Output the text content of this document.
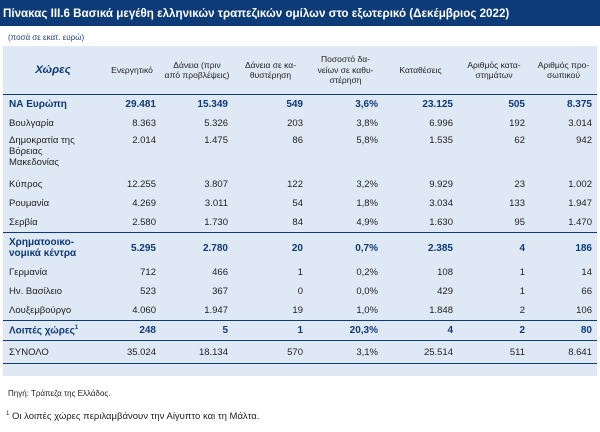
Πίνακας ΙΙΙ.6 Βασικά μεγέθη ελληνικών τραπεζικών ομίλων στο εξωτερικό (Δεκέμβριος 2022)
(ποσά σε εκατ. ευρώ)
Χώρες	Ενεργητικό	Δάνεια (πριν
από προβλέψεις)	Δάνεια σε κα-
θυστέρηση	Ποσοστό δα-
νείων σε καθυ-
στέρηση	Καταθέσεις	Αριθμός κατα-
στημάτων	Αριθμός προ-
σωπικού
ΝΑ Ευρώπη	29.481	15.349	549	3,6%	23.125	505	8.375
Βουλγαρία	8.363	5.326	203	3,8%	6.996	192	3.014
Δημοκρατία της
Βόρειας
Μακεδονίας	2.014	1.475	86	5,8%	1.535	62	942
Κύπρος	12.255	3.807	122	3,2%	9.929	23	1.002
Ρουμανία	4.269	3.011	54	1,8%	3.034	133	1.947
Σερβία	2.580	1.730	84	4,9%	1.630	95	1.470
Χρηματοοικο-
νομικά κέντρα	5.295	2.780	20	0,7%	2.385	4	186
Γερμανία	712	466	1	0,2%	108	1	14
Ην. Βασίλειο	523	367	0	0,0%	429	1	66
Λουξεμβούργο	4.060	1.947	19	1,0%	1.848	2	106
Λοιπές χώρες$^1$	248	5	1	20,3%	4	2	80
ΣΥΝΟΛΟ	35.024	18.134	570	3,1%	25.514	511	8.641
Πηγή: Τράπεζα της Ελλάδος.
$^1$ Οι λοιπές χώρες περιλαμβάνουν την Αίγυπτο και τη Μάλτα.
